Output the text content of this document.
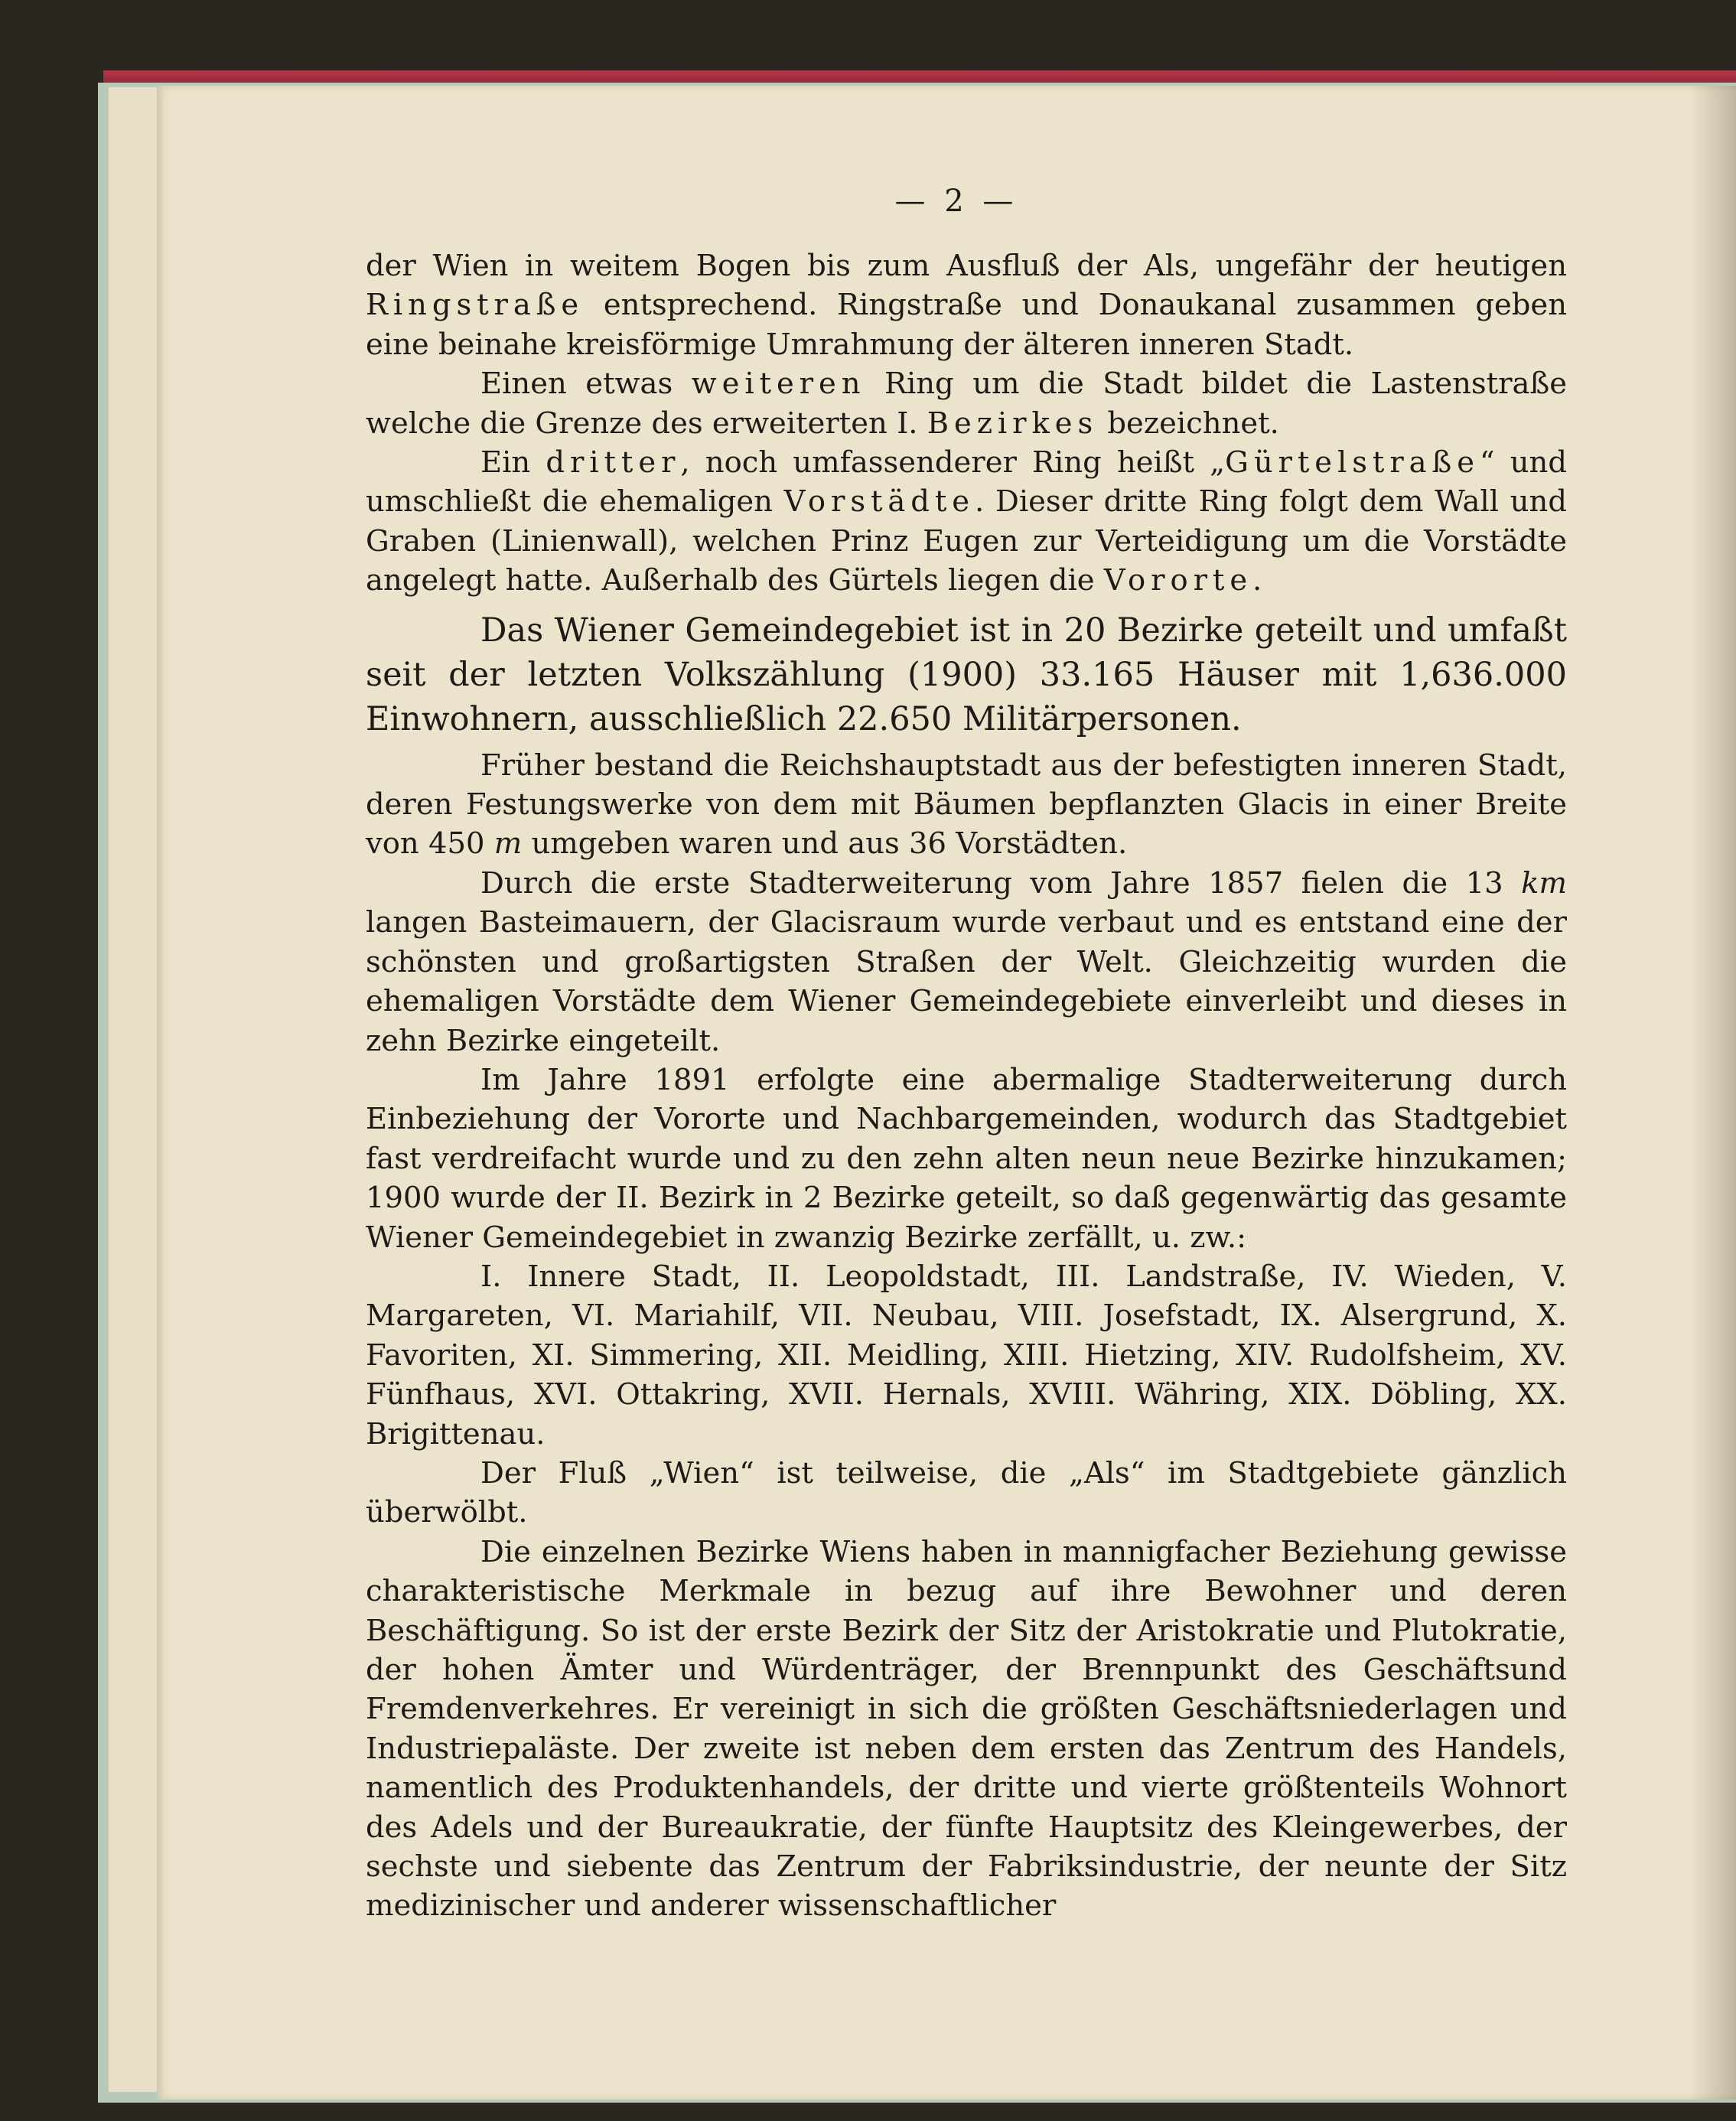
— 2 —

der Wien in weitem Bogen bis zum Ausfluß der Als, ungefähr der heutigen Ringstraße entsprechend. Ringstraße und Donaukanal zusammen geben eine beinahe kreisförmige Umrahmung der älteren inneren Stadt.

Einen etwas weiteren Ring um die Stadt bildet die Lastenstraße welche die Grenze des erweiterten I. Bezirkes bezeichnet.

Ein dritter, noch umfassenderer Ring heißt „Gürtelstraße“ und umschließt die ehemaligen Vorstädte. Dieser dritte Ring folgt dem Wall und Graben (Linienwall), welchen Prinz Eugen zur Verteidigung um die Vorstädte angelegt hatte. Außerhalb des Gürtels liegen die Vororte.

Das Wiener Gemeindegebiet ist in 20 Bezirke geteilt und umfaßt seit der letzten Volkszählung (1900) 33.165 Häuser mit 1,636.000 Einwohnern, ausschließlich 22.650 Militärpersonen.

Früher bestand die Reichshauptstadt aus der befestigten inneren Stadt, deren Festungswerke von dem mit Bäumen bepflanzten Glacis in einer Breite von 450 m umgeben waren und aus 36 Vorstädten.

Durch die erste Stadterweiterung vom Jahre 1857 fielen die 13 km langen Basteimauern, der Glacisraum wurde verbaut und es entstand eine der schönsten und großartigsten Straßen der Welt. Gleichzeitig wurden die ehemaligen Vorstädte dem Wiener Gemeindegebiete einverleibt und dieses in zehn Bezirke eingeteilt.

Im Jahre 1891 erfolgte eine abermalige Stadterweiterung durch Einbeziehung der Vororte und Nachbargemeinden, wodurch das Stadtgebiet fast verdreifacht wurde und zu den zehn alten neun neue Bezirke hinzukamen; 1900 wurde der II. Bezirk in 2 Bezirke geteilt, so daß gegenwärtig das gesamte Wiener Gemeindegebiet in zwanzig Bezirke zerfällt, u. zw.:

I. Innere Stadt, II. Leopoldstadt, III. Landstraße, IV. Wieden, V. Margareten, VI. Mariahilf, VII. Neubau, VIII. Josefstadt, IX. Alsergrund, X. Favoriten, XI. Simmering, XII. Meidling, XIII. Hietzing, XIV. Rudolfsheim, XV. Fünfhaus, XVI. Ottakring, XVII. Hernals, XVIII. Währing, XIX. Döbling, XX. Brigittenau.

Der Fluß „Wien“ ist teilweise, die „Als“ im Stadtgebiete gänzlich überwölbt.

Die einzelnen Bezirke Wiens haben in mannigfacher Beziehung gewisse charakteristische Merkmale in bezug auf ihre Bewohner und deren Beschäftigung. So ist der erste Bezirk der Sitz der Aristokratie und Plutokratie, der hohen Ämter und Würdenträger, der Brennpunkt des Geschäftsund Fremdenverkehres. Er vereinigt in sich die größten Geschäftsniederlagen und Industriepaläste. Der zweite ist neben dem ersten das Zentrum des Handels, namentlich des Produktenhandels, der dritte und vierte größtenteils Wohnort des Adels und der Bureaukratie, der fünfte Hauptsitz des Kleingewerbes, der sechste und siebente das Zentrum der Fabriksindustrie, der neunte der Sitz medizinischer und anderer wissenschaftlicher
